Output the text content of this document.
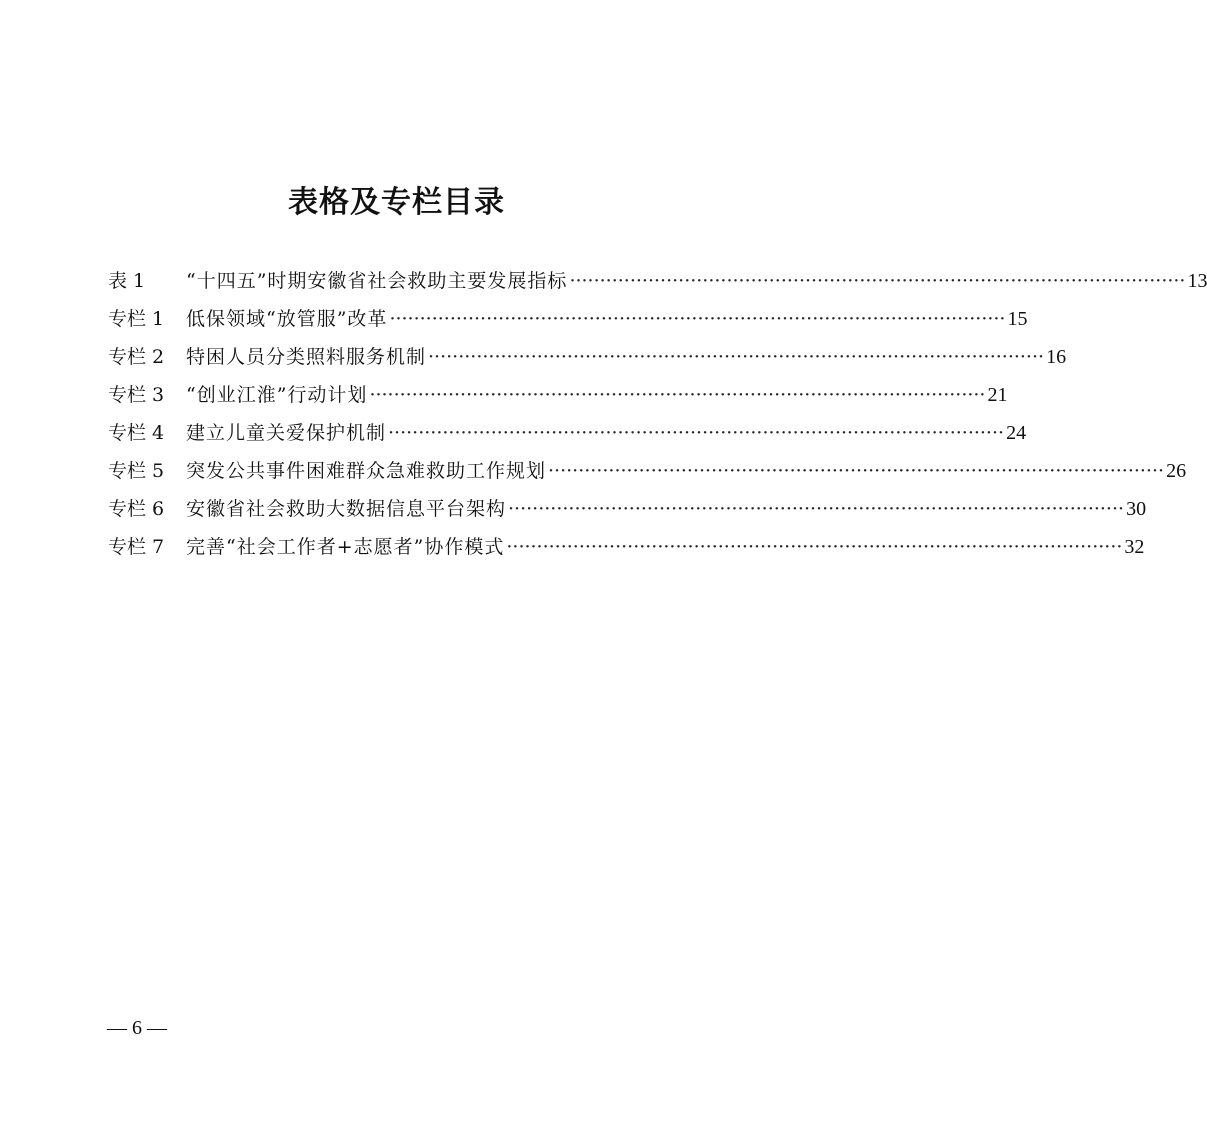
表格及专栏目录
表 1	“十四五”时期安徽省社会救助主要发展指标 ·····	13
专栏 1	低保领域“放管服”改革 ·····	15
专栏 2	特困人员分类照料服务机制 ·····	16
专栏 3	“创业江淮”行动计划 ·····	21
专栏 4	建立儿童关爱保护机制 ·····	24
专栏 5	突发公共事件困难群众急难救助工作规划 ·····	26
专栏 6	安徽省社会救助大数据信息平台架构 ·····	30
专栏 7	完善“社会工作者+志愿者”协作模式 ·····	32
— 6 —
